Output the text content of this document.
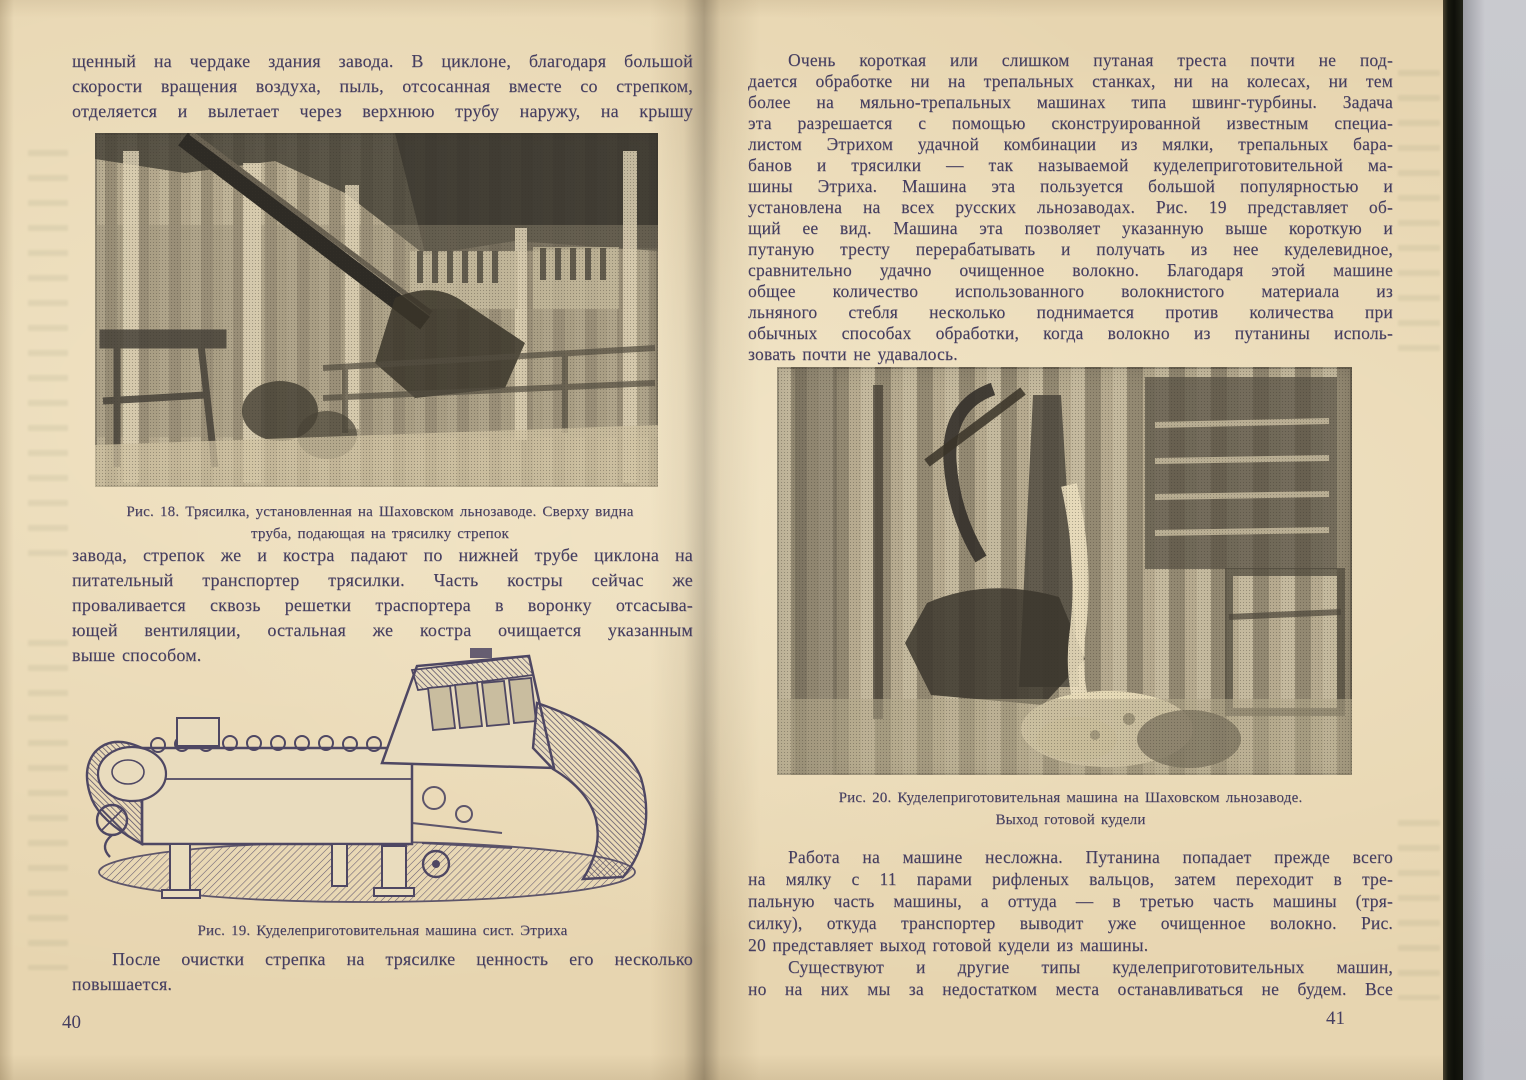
щенный на чердаке здания завода. В циклоне, благодаря большой
скорости вращения воздуха, пыль, отсосанная вместе со стрепком,
отделяется и вылетает через верхнюю трубу наружу, на крышу
Рис. 18. Трясилка, установленная на Шаховском льнозаводе. Сверху видна
труба, подающая на трясилку стрепок
завода, стрепок же и костра падают по нижней трубе циклона на
питательный транспортер трясилки. Часть костры сейчас же
проваливается сквозь решетки траспортера в воронку отсасыва-
ющей вентиляции, остальная же костра очищается указанным
выше способом.
Рис. 19. Куделеприготовительная машина сист. Этриха
После очистки стрепка на трясилке ценность его несколько
повышается.
40
Очень короткая или слишком путаная треста почти не под-
дается обработке ни на трепальных станках, ни на колесах, ни тем
более на мяльно-трепальных машинах типа швинг-турбины. Задача
эта разрешается с помощью сконструированной известным специа-
листом Этрихом удачной комбинации из мялки, трепальных бара-
банов и трясилки — так называемой куделеприготовительной ма-
шины Этриха. Машина эта пользуется большой популярностью и
установлена на всех русских льнозаводах. Рис. 19 представляет об-
щий ее вид. Машина эта позволяет указанную выше короткую и
путаную тресту перерабатывать и получать из нее куделевидное,
сравнительно удачно очищенное волокно. Благодаря этой машине
общее количество использованного волокнистого материала из
льняного стебля несколько поднимается против количества при
обычных способах обработки, когда волокно из путанины исполь-
зовать почти не удавалось.
Рис. 20. Куделеприготовительная машина на Шаховском льнозаводе.
Выход готовой кудели
Работа на машине несложна. Путанина попадает прежде всего
на мялку с 11 парами рифленых вальцов, затем переходит в тре-
пальную часть машины, а оттуда — в третью часть машины (тря-
силку), откуда транспортер выводит уже очищенное волокно. Рис.
20 представляет выход готовой кудели из машины.
Существуют и другие типы куделеприготовительных машин,
но на них мы за недостатком места останавливаться не будем. Все
41
